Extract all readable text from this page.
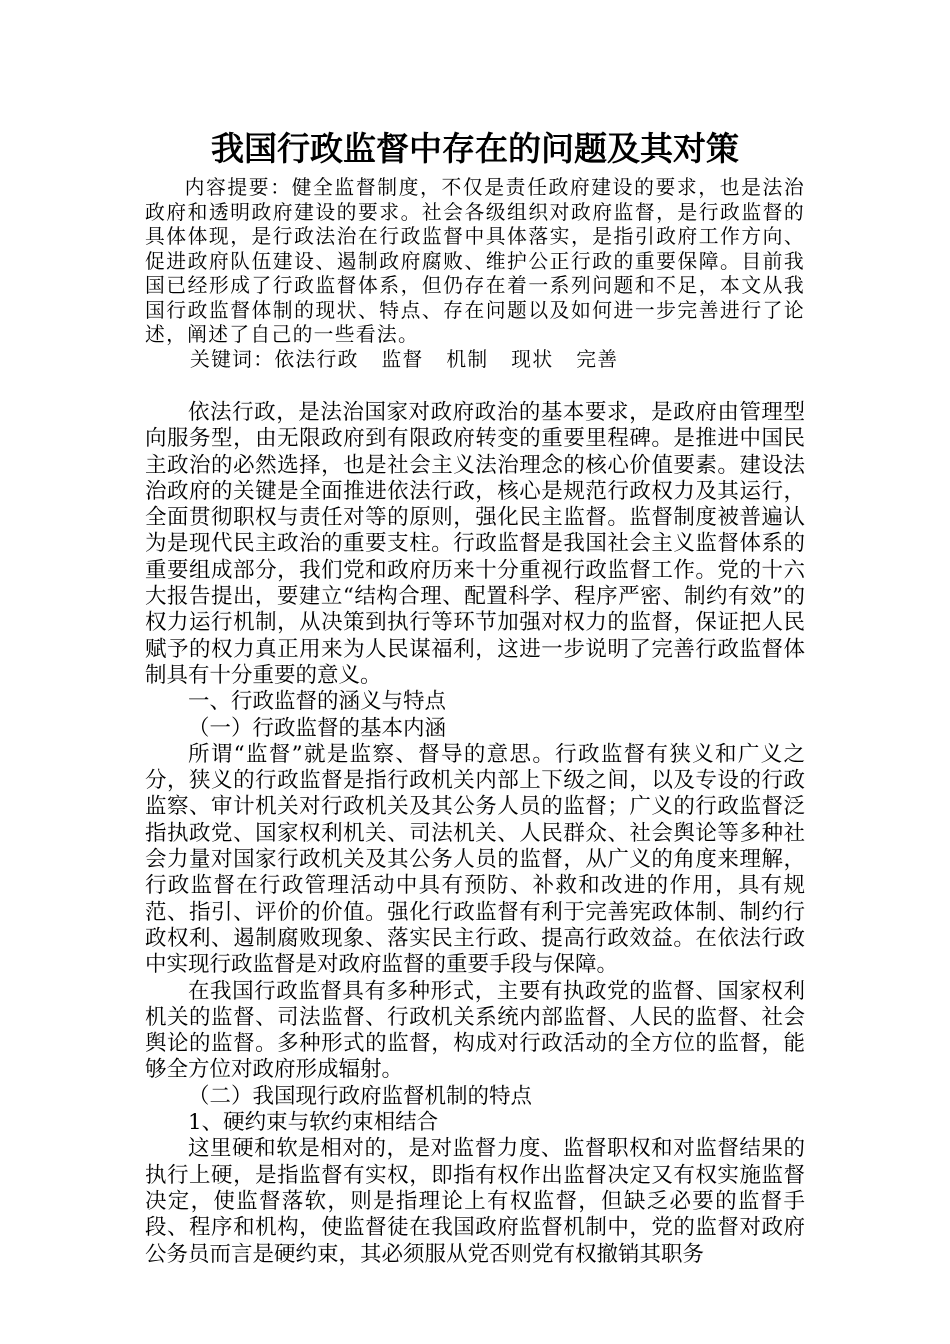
我国行政监督中存在的问题及其对策

内容提要：健全监督制度，不仅是责任政府建设的要求，也是法治政府和透明政府建设的要求。社会各级组织对政府监督，是行政监督的具体体现，是行政法治在行政监督中具体落实，是指引政府工作方向、促进政府队伍建设、遏制政府腐败、维护公正行政的重要保障。目前我国已经形成了行政监督体系，但仍存在着一系列问题和不足，本文从我国行政监督体制的现状、特点、存在问题以及如何进一步完善进行了论述，阐述了自己的一些看法。

关键词：依法行政   监督   机制   现状   完善

依法行政，是法治国家对政府政治的基本要求，是政府由管理型向服务型，由无限政府到有限政府转变的重要里程碑。是推进中国民主政治的必然选择，也是社会主义法治理念的核心价值要素。建设法治政府的关键是全面推进依法行政，核心是规范行政权力及其运行，全面贯彻职权与责任对等的原则，强化民主监督。监督制度被普遍认为是现代民主政治的重要支柱。行政监督是我国社会主义监督体系的重要组成部分，我们党和政府历来十分重视行政监督工作。党的十六大报告提出，要建立“结构合理、配置科学、程序严密、制约有效”的权力运行机制，从决策到执行等环节加强对权力的监督，保证把人民赋予的权力真正用来为人民谋福利，这进一步说明了完善行政监督体制具有十分重要的意义。

一、行政监督的涵义与特点

（一）行政监督的基本内涵

所谓“监督”就是监察、督导的意思。行政监督有狭义和广义之分，狭义的行政监督是指行政机关内部上下级之间，以及专设的行政监察、审计机关对行政机关及其公务人员的监督；广义的行政监督泛指执政党、国家权利机关、司法机关、人民群众、社会舆论等多种社会力量对国家行政机关及其公务人员的监督，从广义的角度来理解，行政监督在行政管理活动中具有预防、补救和改进的作用，具有规范、指引、评价的价值。强化行政监督有利于完善宪政体制、制约行政权利、遏制腐败现象、落实民主行政、提高行政效益。在依法行政中实现行政监督是对政府监督的重要手段与保障。

在我国行政监督具有多种形式，主要有执政党的监督、国家权利机关的监督、司法监督、行政机关系统内部监督、人民的监督、社会舆论的监督。多种形式的监督，构成对行政活动的全方位的监督，能够全方位对政府形成辐射。

（二）我国现行政府监督机制的特点

1、硬约束与软约束相结合

这里硬和软是相对的，是对监督力度、监督职权和对监督结果的执行上硬，是指监督有实权，即指有权作出监督决定又有权实施监督决定，使监督落软，则是指理论上有权监督，但缺乏必要的监督手段、程序和机构，使监督徒在我国政府监督机制中，党的监督对政府公务员而言是硬约束，其必须服从党否则党有权撤销其职务
